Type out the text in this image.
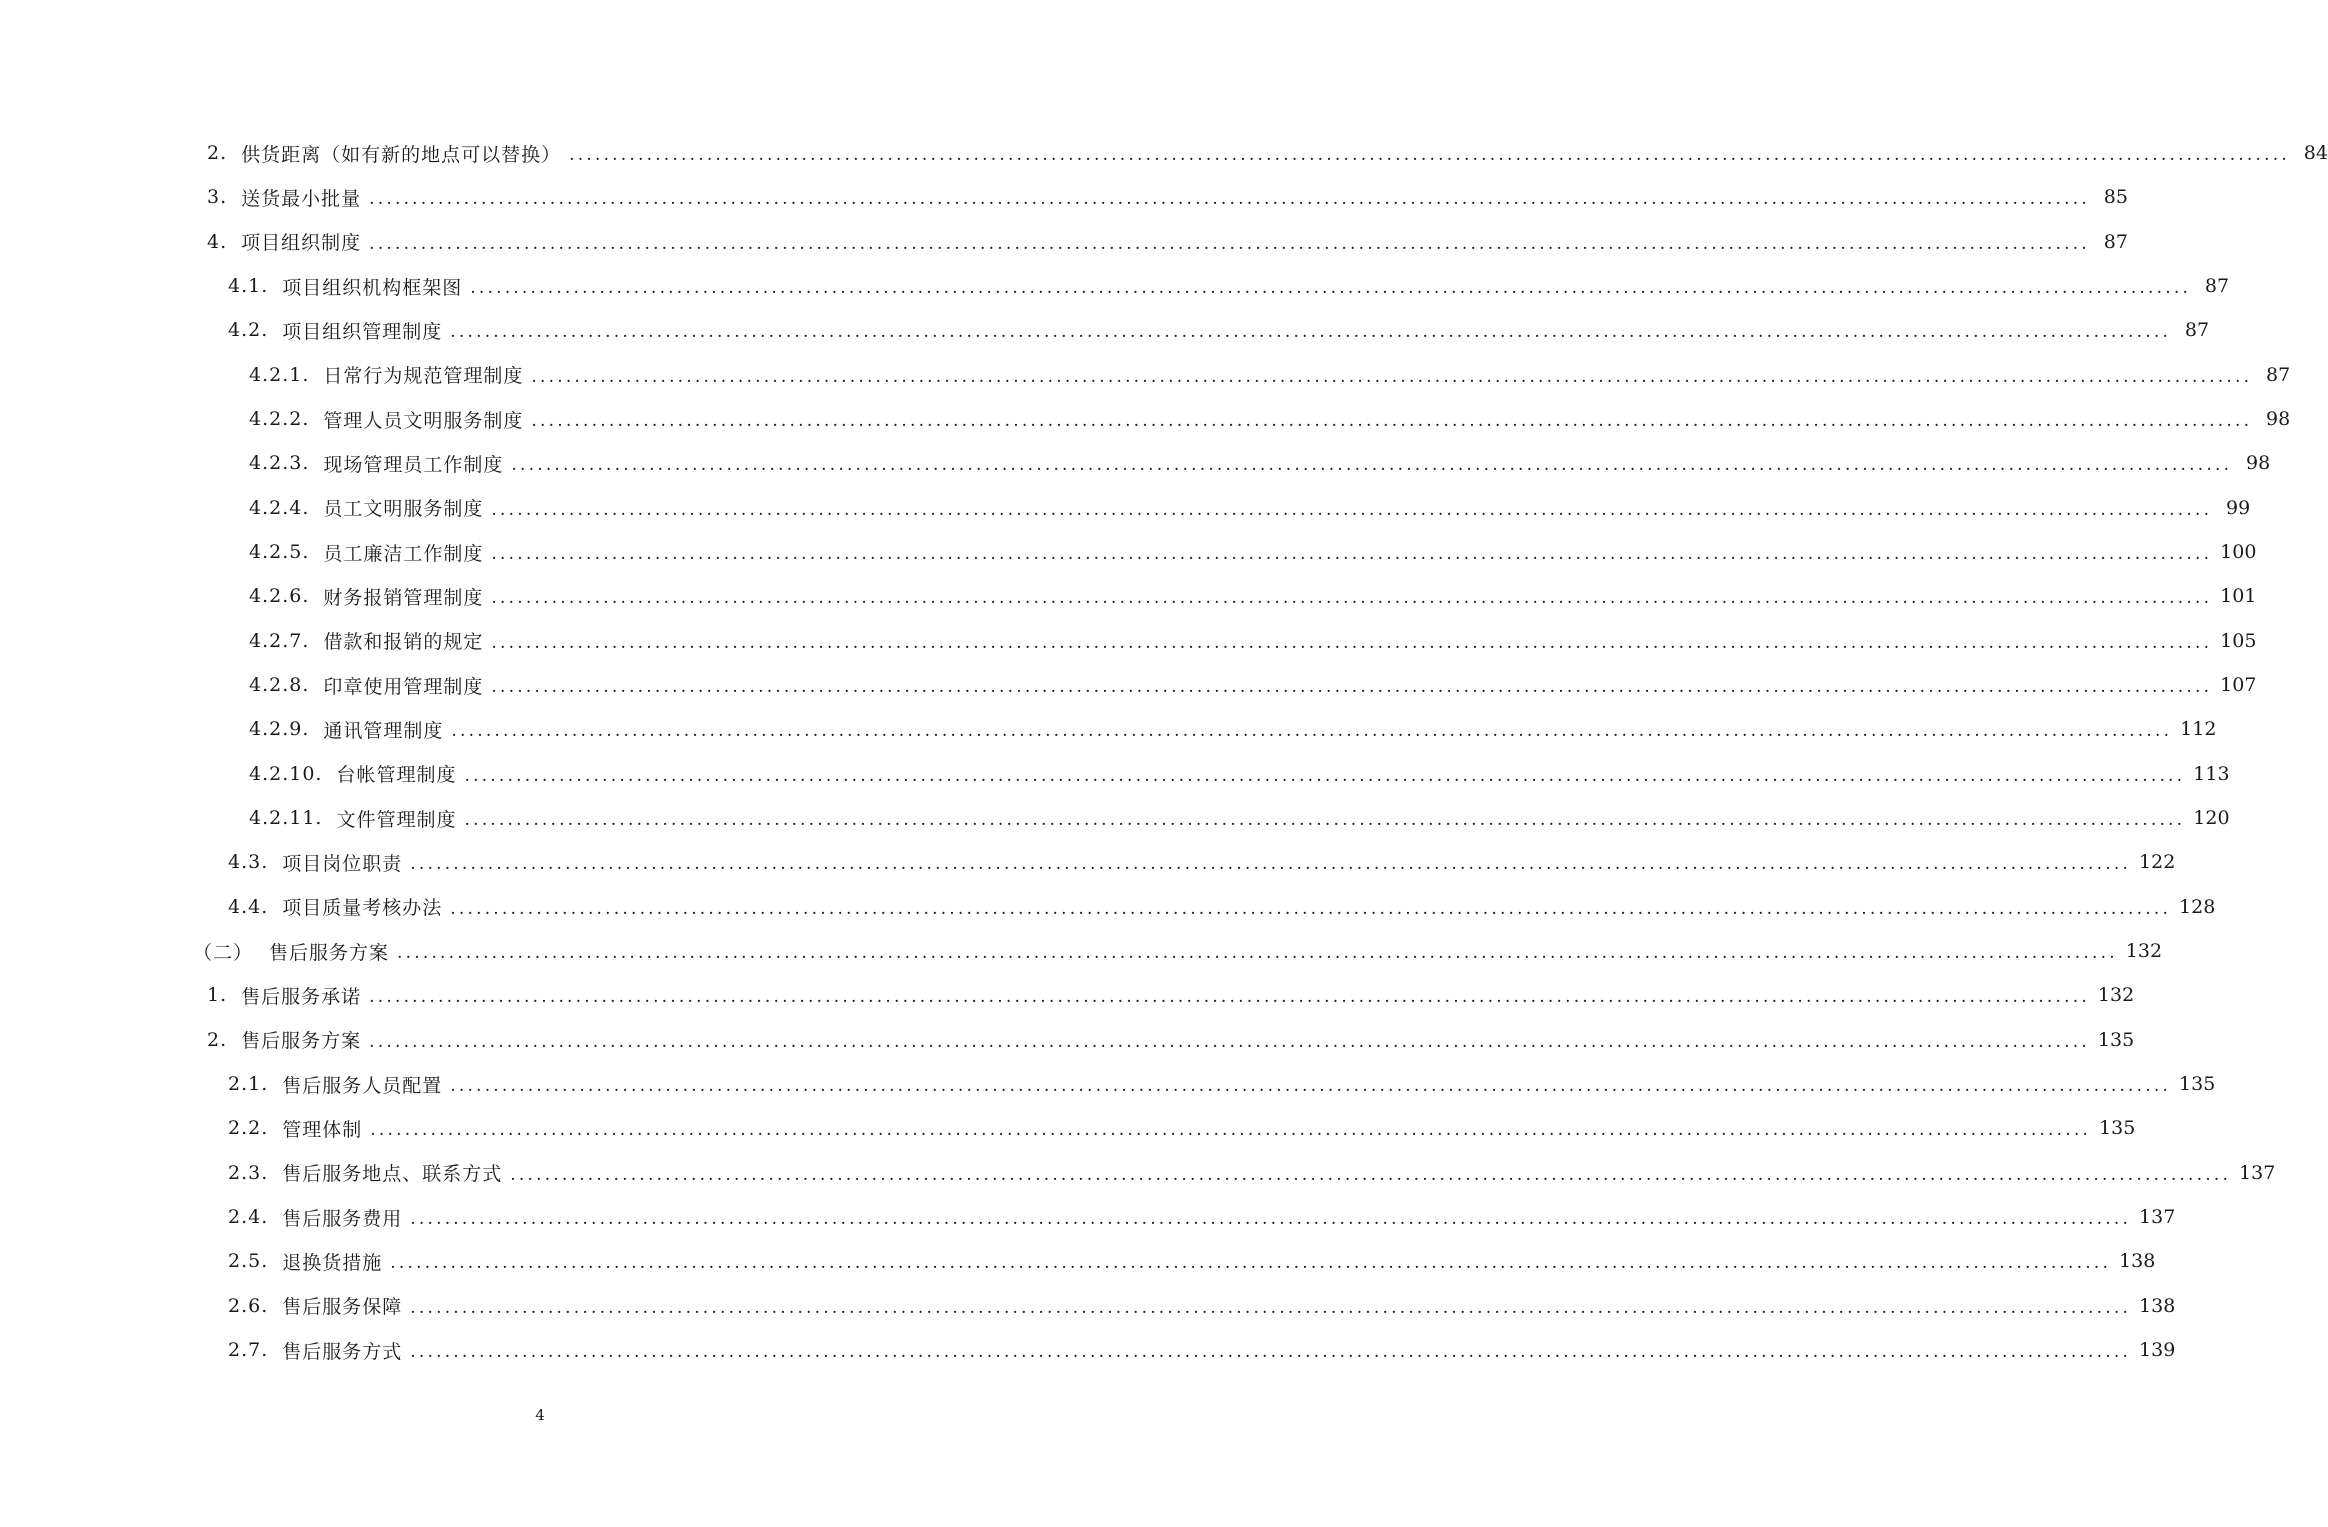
2. 供货距离（如有新的地点可以替换） ........................................................................................................................................................................................................ 84
3. 送货最小批量 ........................................................................................................................................................................................................ 85
4. 项目组织制度 ........................................................................................................................................................................................................ 87
4.1. 项目组织机构框架图 ........................................................................................................................................................................................................ 87
4.2. 项目组织管理制度 ........................................................................................................................................................................................................ 87
4.2.1. 日常行为规范管理制度 ........................................................................................................................................................................................................ 87
4.2.2. 管理人员文明服务制度 ........................................................................................................................................................................................................ 98
4.2.3. 现场管理员工作制度 ........................................................................................................................................................................................................ 98
4.2.4. 员工文明服务制度 ........................................................................................................................................................................................................ 99
4.2.5. 员工廉洁工作制度 ........................................................................................................................................................................................................ 100
4.2.6. 财务报销管理制度 ........................................................................................................................................................................................................ 101
4.2.7. 借款和报销的规定 ........................................................................................................................................................................................................ 105
4.2.8. 印章使用管理制度 ........................................................................................................................................................................................................ 107
4.2.9. 通讯管理制度 ........................................................................................................................................................................................................ 112
4.2.10. 台帐管理制度 ........................................................................................................................................................................................................ 113
4.2.11. 文件管理制度 ........................................................................................................................................................................................................ 120
4.3. 项目岗位职责 ........................................................................................................................................................................................................ 122
4.4. 项目质量考核办法 ........................................................................................................................................................................................................ 128
（二） 售后服务方案 ........................................................................................................................................................................................................ 132
1. 售后服务承诺 ........................................................................................................................................................................................................ 132
2. 售后服务方案 ........................................................................................................................................................................................................ 135
2.1. 售后服务人员配置 ........................................................................................................................................................................................................ 135
2.2. 管理体制 ........................................................................................................................................................................................................ 135
2.3. 售后服务地点、联系方式 ........................................................................................................................................................................................................ 137
2.4. 售后服务费用 ........................................................................................................................................................................................................ 137
2.5. 退换货措施 ........................................................................................................................................................................................................ 138
2.6. 售后服务保障 ........................................................................................................................................................................................................ 138
2.7. 售后服务方式 ........................................................................................................................................................................................................ 139
4
